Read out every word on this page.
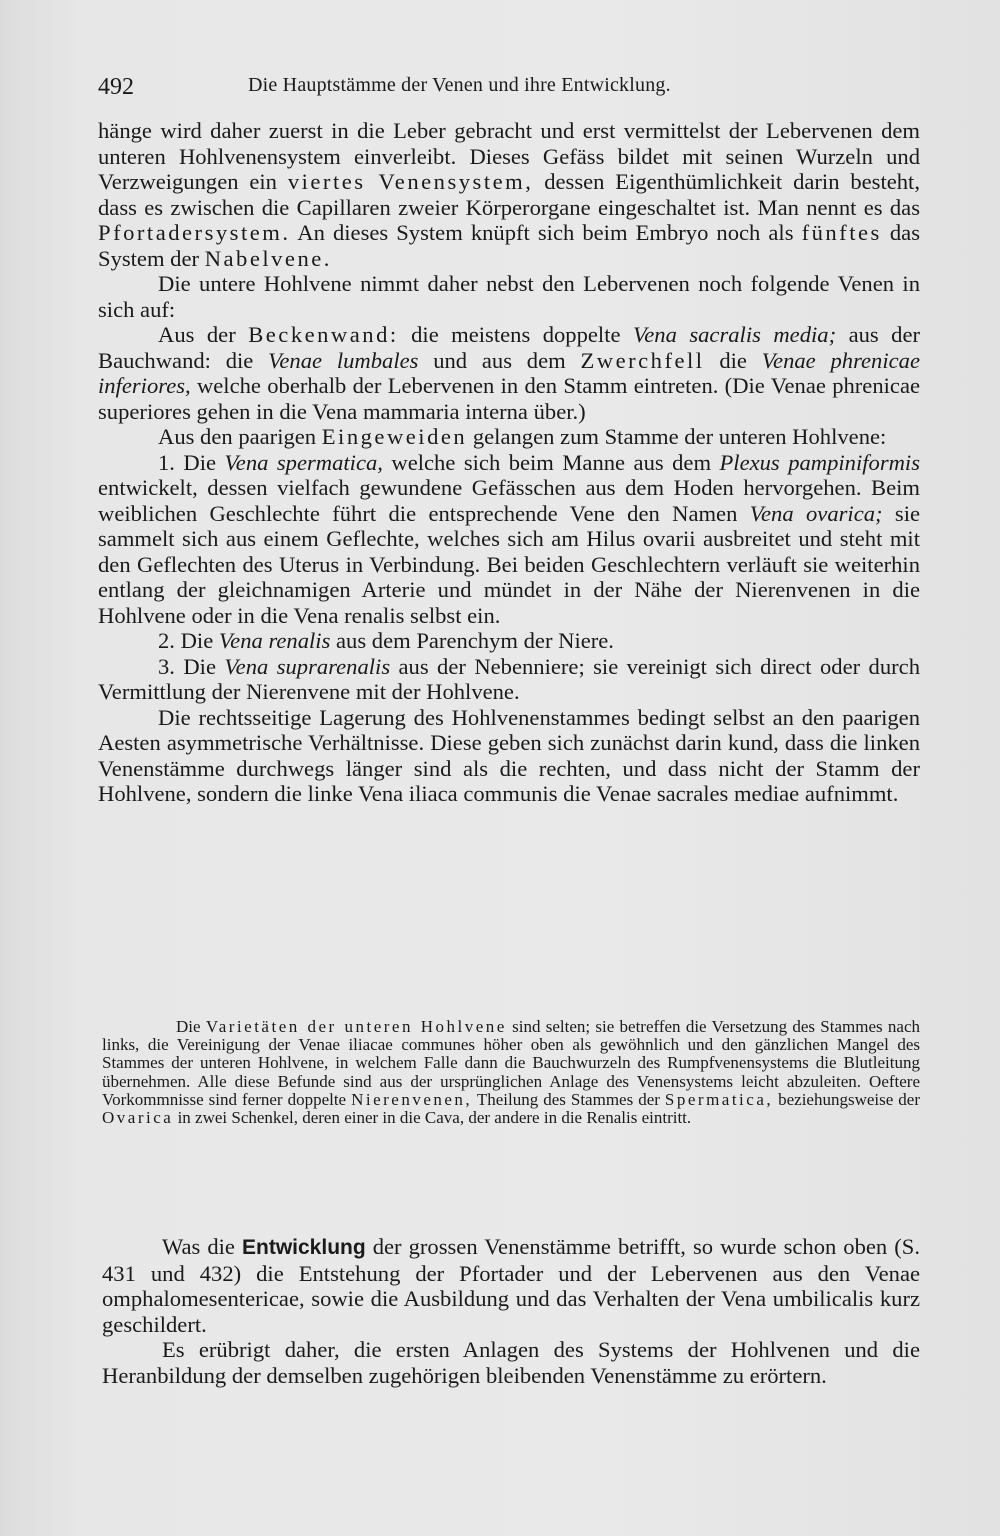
492	Die Hauptstämme der Venen und ihre Entwicklung.

hänge wird daher zuerst in die Leber gebracht und erst vermittelst der Lebervenen dem unteren Hohlvenensystem einverleibt. Dieses Gefäss bildet mit seinen Wurzeln und Verzweigungen ein viertes Venensystem, dessen Eigenthümlichkeit darin besteht, dass es zwischen die Capillaren zweier Körperorgane eingeschaltet ist. Man nennt es das Pfortadersystem. An dieses System knüpft sich beim Embryo noch als fünftes das System der Nabelvene.

Die untere Hohlvene nimmt daher nebst den Lebervenen noch folgende Venen in sich auf:

Aus der Beckenwand: die meistens doppelte Vena sacralis media; aus der Bauchwand: die Venae lumbales und aus dem Zwerchfell die Venae phrenicae inferiores, welche oberhalb der Lebervenen in den Stamm eintreten. (Die Venae phrenicae superiores gehen in die Vena mammaria interna über.)

Aus den paarigen Eingeweiden gelangen zum Stamme der unteren Hohlvene:

1. Die Vena spermatica, welche sich beim Manne aus dem Plexus pampiniformis entwickelt, dessen vielfach gewundene Gefässchen aus dem Hoden hervorgehen. Beim weiblichen Geschlechte führt die entsprechende Vene den Namen Vena ovarica; sie sammelt sich aus einem Geflechte, welches sich am Hilus ovarii ausbreitet und steht mit den Geflechten des Uterus in Verbindung. Bei beiden Geschlechtern verläuft sie weiterhin entlang der gleichnamigen Arterie und mündet in der Nähe der Nierenvenen in die Hohlvene oder in die Vena renalis selbst ein.

2. Die Vena renalis aus dem Parenchym der Niere.

3. Die Vena suprarenalis aus der Nebenniere; sie vereinigt sich direct oder durch Vermittlung der Nierenvene mit der Hohlvene.

Die rechtsseitige Lagerung des Hohlvenenstammes bedingt selbst an den paarigen Aesten asymmetrische Verhältnisse. Diese geben sich zunächst darin kund, dass die linken Venenstämme durchwegs länger sind als die rechten, und dass nicht der Stamm der Hohlvene, sondern die linke Vena iliaca communis die Venae sacrales mediae aufnimmt.

Die Varietäten der unteren Hohlvene sind selten; sie betreffen die Versetzung des Stammes nach links, die Vereinigung der Venae iliacae communes höher oben als gewöhnlich und den gänzlichen Mangel des Stammes der unteren Hohlvene, in welchem Falle dann die Bauchwurzeln des Rumpfvenensystems die Blutleitung übernehmen. Alle diese Befunde sind aus der ursprünglichen Anlage des Venensystems leicht abzuleiten. Oeftere Vorkommnisse sind ferner doppelte Nierenvenen, Theilung des Stammes der Spermatica, beziehungsweise der Ovarica in zwei Schenkel, deren einer in die Cava, der andere in die Renalis eintritt.

Was die Entwicklung der grossen Venenstämme betrifft, so wurde schon oben (S. 431 und 432) die Entstehung der Pfortader und der Lebervenen aus den Venae omphalomesentericae, sowie die Ausbildung und das Verhalten der Vena umbilicalis kurz geschildert.

Es erübrigt daher, die ersten Anlagen des Systems der Hohlvenen und die Heranbildung der demselben zugehörigen bleibenden Venenstämme zu erörtern.
